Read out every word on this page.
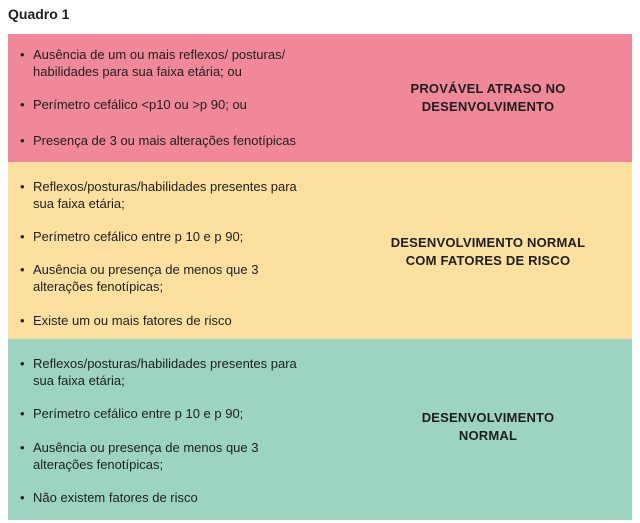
Quadro 1
• Ausência de um ou mais reflexos/ posturas/ habilidades para sua faixa etária; ou
• Perímetro cefálico <p10 ou >p 90; ou
• Presença de 3 ou mais alterações fenotípicas
PROVÁVEL ATRASO NO
DESENVOLVIMENTO
• Reflexos/posturas/habilidades presentes para sua faixa etária;
• Perímetro cefálico entre p 10 e p 90;
• Ausência ou presença de menos que 3 alterações fenotípicas;
• Existe um ou mais fatores de risco
DESENVOLVIMENTO NORMAL
COM FATORES DE RISCO
• Reflexos/posturas/habilidades presentes para sua faixa etária;
• Perímetro cefálico entre p 10 e p 90;
• Ausência ou presença de menos que 3 alterações fenotípicas;
• Não existem fatores de risco
DESENVOLVIMENTO
NORMAL
